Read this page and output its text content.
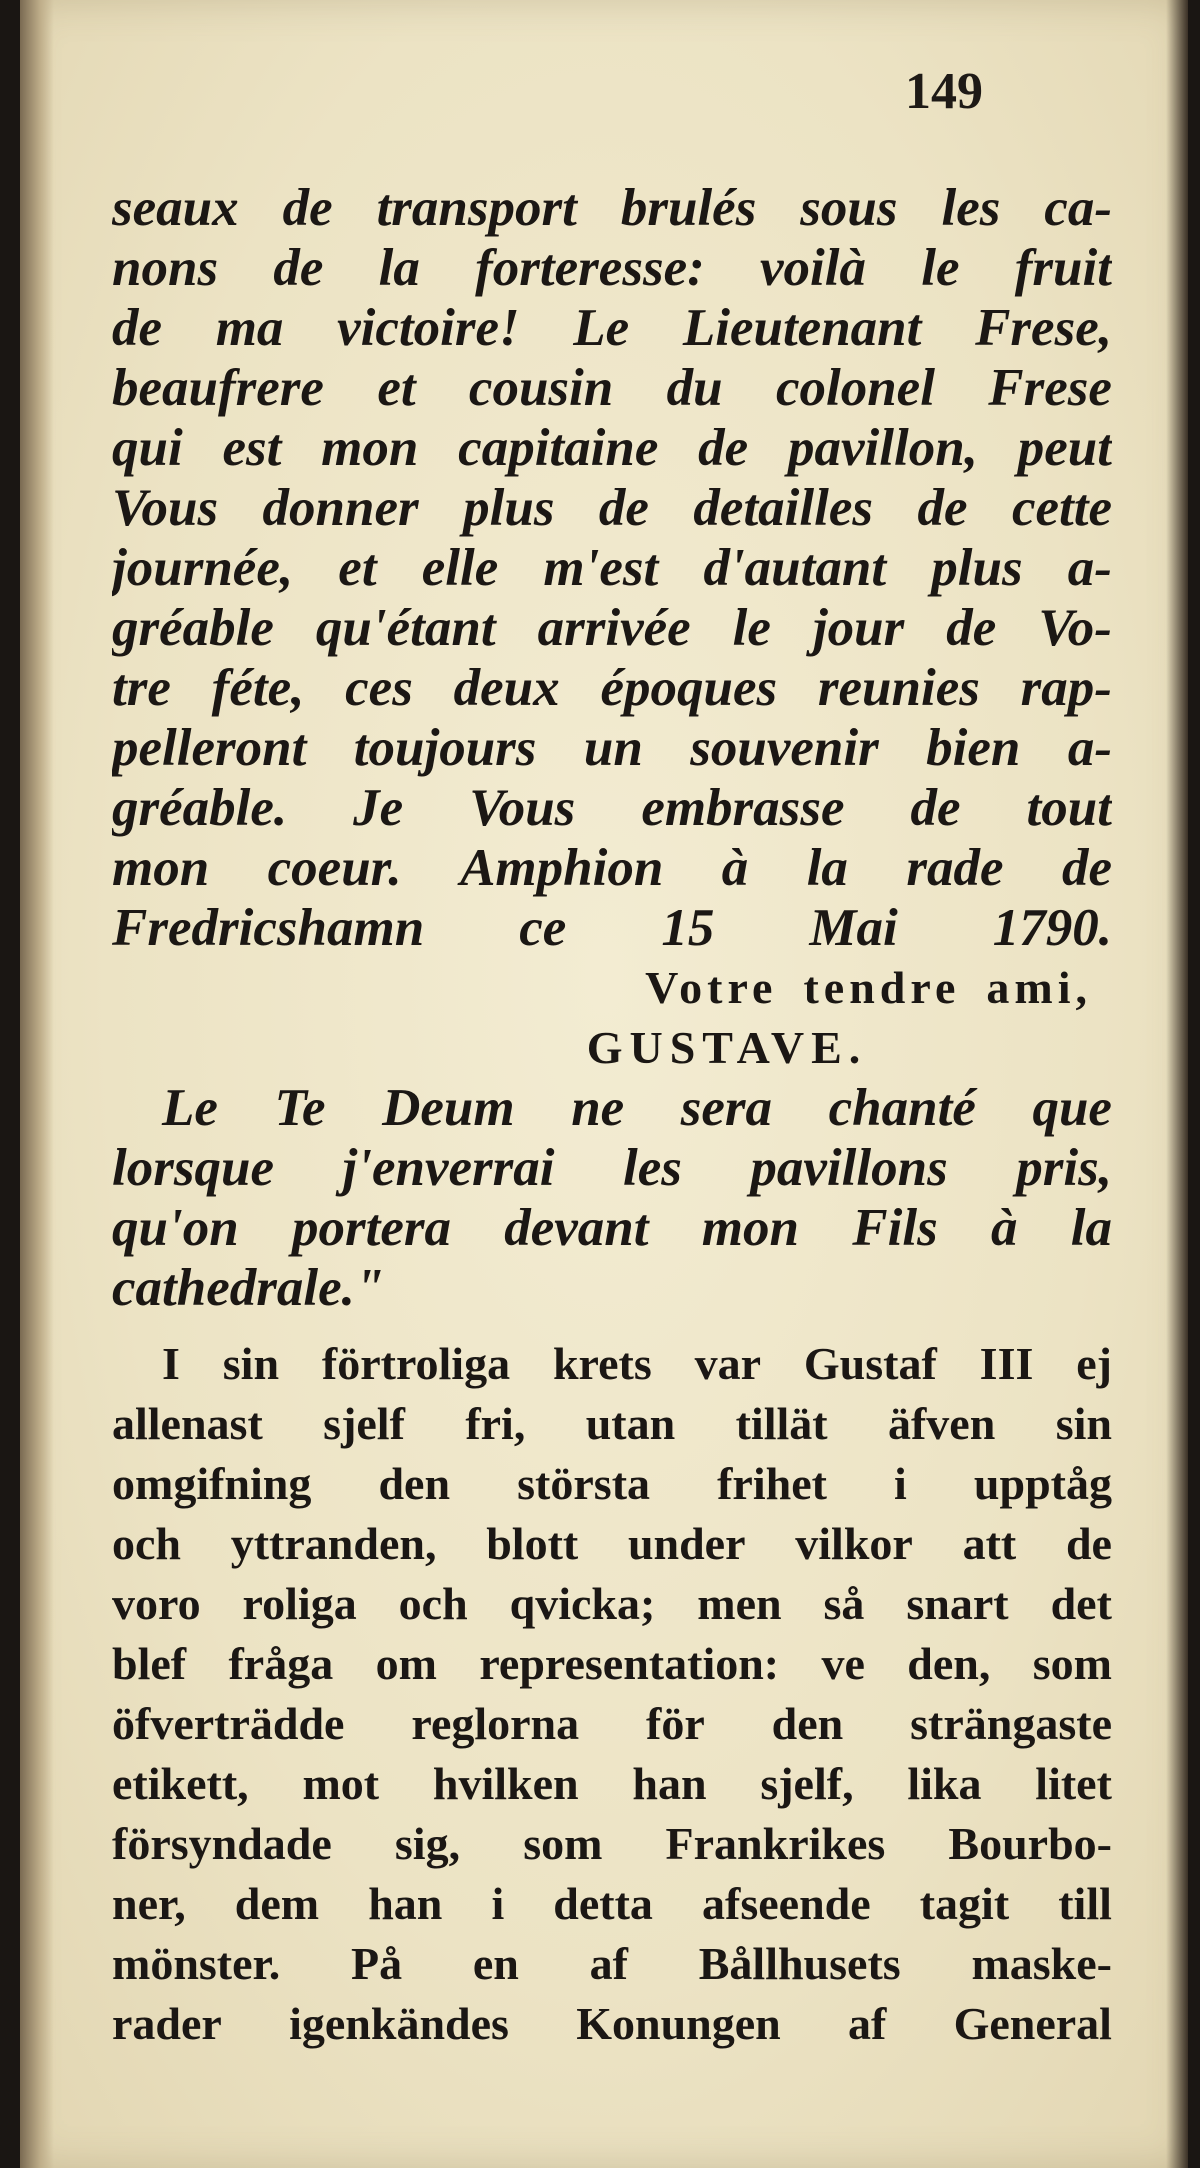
149
seaux de transport brulés sous les ca-
nons de la forteresse: voilà le fruit
de ma victoire! Le Lieutenant Frese,
beaufrere et cousin du colonel Frese
qui est mon capitaine de pavillon, peut
Vous donner plus de detailles de cette
journée, et elle m'est d'autant plus a-
gréable qu'étant arrivée le jour de Vo-
tre féte, ces deux époques reunies rap-
pelleront toujours un souvenir bien a-
gréable. Je Vous embrasse de tout
mon coeur. Amphion à la rade de
Fredricshamn ce 15 Mai 1790.
Votre tendre ami,
GUSTAVE.
Le Te Deum ne sera chanté que
lorsque j'enverrai les pavillons pris,
qu'on portera devant mon Fils à la
cathedrale."
I sin förtroliga krets var Gustaf III ej
allenast sjelf fri, utan tillät äfven sin
omgifning den största frihet i upptåg
och yttranden, blott under vilkor att de
voro roliga och qvicka; men så snart det
blef fråga om representation: ve den, som
öfverträdde reglorna för den strängaste
etikett, mot hvilken han sjelf, lika litet
försyndade sig, som Frankrikes Bourbo-
ner, dem han i detta afseende tagit till
mönster. På en af Bållhusets maske-
rader igenkändes Konungen af General
